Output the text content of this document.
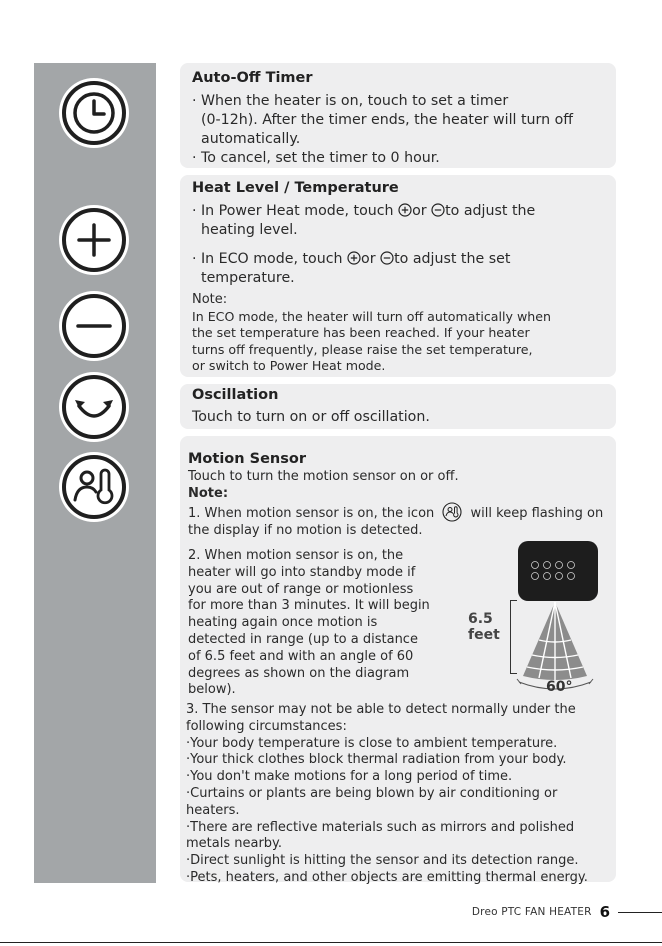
Auto-Off Timer
· When the heater is on, touch to set a timer
(0-12h). After the timer ends, the heater will turn off
automatically.
· To cancel, set the timer to 0 hour.
Heat Level / Temperature
· In Power Heat mode, touch or to adjust the
heating level.
· In ECO mode, touch or to adjust the set
temperature.
Note:
In ECO mode, the heater will turn off automatically when
the set temperature has been reached. If your heater
turns off frequently, please raise the set temperature,
or switch to Power Heat mode.
Oscillation
Touch to turn on or off oscillation.
Motion Sensor
Touch to turn the motion sensor on or off.
Note:
1. When motion sensor is on, the icon	will keep flashing on
the display if no motion is detected.
2. When motion sensor is on, the
heater will go into standby mode if
you are out of range or motionless
for more than 3 minutes. It will begin
heating again once motion is
detected in range (up to a distance
of 6.5 feet and with an angle of 60
degrees as shown on the diagram
below).
6.5
feet
60°
3. The sensor may not be able to detect normally under the
following circumstances:
·Your body temperature is close to ambient temperature.
·Your thick clothes block thermal radiation from your body.
·You don't make motions for a long period of time.
·Curtains or plants are being blown by air conditioning or
heaters.
·There are reflective materials such as mirrors and polished
metals nearby.
·Direct sunlight is hitting the sensor and its detection range.
·Pets, heaters, and other objects are emitting thermal energy.
Dreo PTC FAN HEATER 6
